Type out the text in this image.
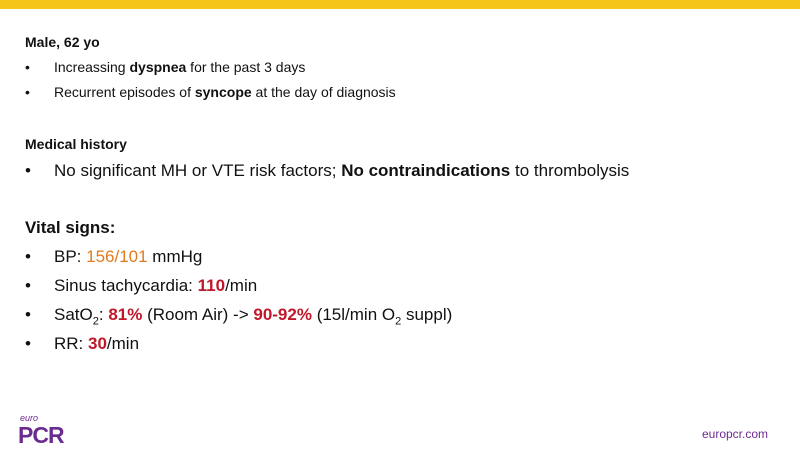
Male, 62 yo
• Increassing dyspnea for the past 3 days
• Recurrent episodes of syncope at the day of diagnosis
Medical history
• No significant MH or VTE risk factors; No contraindications to thrombolysis
Vital signs:
• BP: 156/101 mmHg
• Sinus tachycardia: 110/min
• SatO$_2$: 81% (Room Air) -> 90-92% (15l/min $O_2$ suppl)
• RR: 30/min
euro
PCR	europcr.com
